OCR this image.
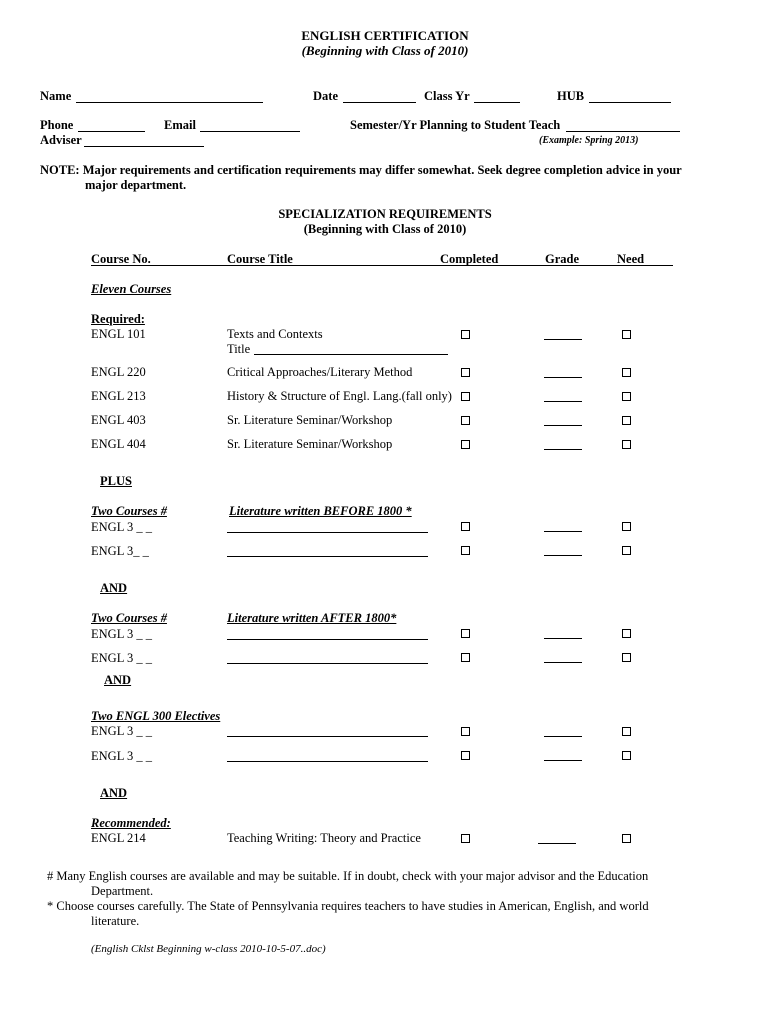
ENGLISH CERTIFICATION
(Beginning with Class of 2010)
Name	Date	Class Yr	HUB
Phone	Email	Semester/Yr Planning to Student Teach
Adviser	(Example: Spring 2013)
NOTE: Major requirements and certification requirements may differ somewhat. Seek degree completion advice in your
major department.
SPECIALIZATION REQUIREMENTS
(Beginning with Class of 2010)
Course No.	Course Title	Completed	Grade	Need
Eleven Courses
Required:
ENGL 101	Texts and Contexts
Title
ENGL 220	Critical Approaches/Literary Method
ENGL 213	History & Structure of Engl. Lang.(fall only)
ENGL 403	Sr. Literature Seminar/Workshop
ENGL 404	Sr. Literature Seminar/Workshop
PLUS
Two Courses #	Literature written BEFORE 1800 *
ENGL 3 _ _
ENGL 3_ _
AND
Two Courses #	Literature written AFTER 1800*
ENGL 3 _ _
ENGL 3 _ _
AND
Two ENGL 300 Electives
ENGL 3 _ _
ENGL 3 _ _
AND
Recommended:
ENGL 214	Teaching Writing: Theory and Practice
# Many English courses are available and may be suitable. If in doubt, check with your major advisor and the Education
Department.
* Choose courses carefully. The State of Pennsylvania requires teachers to have studies in American, English, and world
literature.
(English Cklst Beginning w-class 2010-10-5-07..doc)
